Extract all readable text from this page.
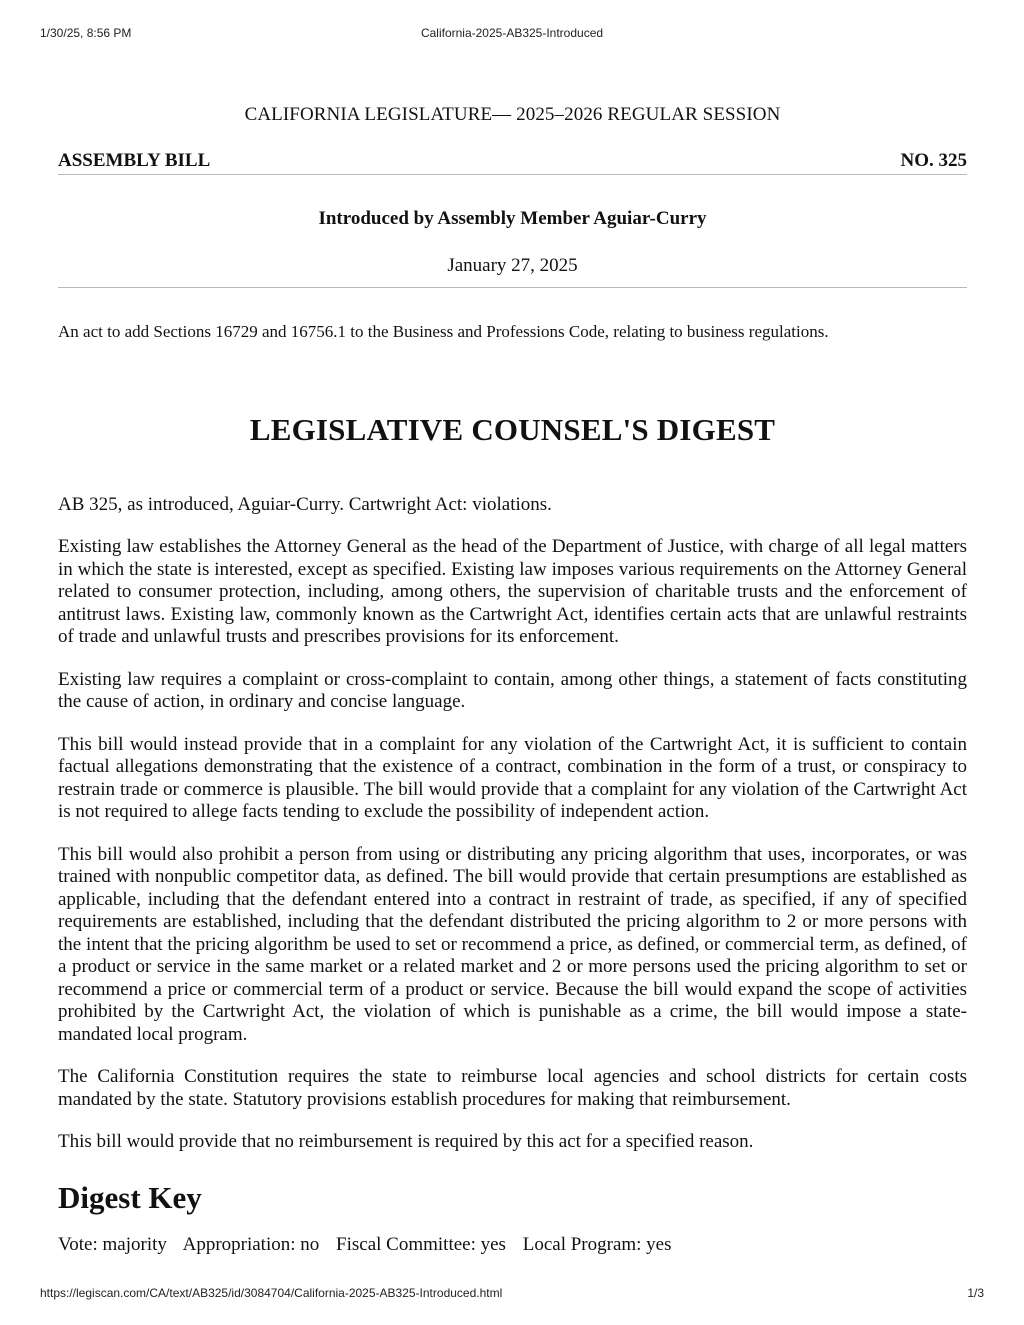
1/30/25, 8:56 PM	California-2025-AB325-Introduced
CALIFORNIA LEGISLATURE— 2025–2026 REGULAR SESSION
ASSEMBLY BILL	NO. 325
Introduced by Assembly Member Aguiar-Curry
January 27, 2025
An act to add Sections 16729 and 16756.1 to the Business and Professions Code, relating to business regulations.
LEGISLATIVE COUNSEL'S DIGEST
AB 325, as introduced, Aguiar-Curry. Cartwright Act: violations.

Existing law establishes the Attorney General as the head of the Department of Justice, with charge of all legal matters in which the state is interested, except as specified. Existing law imposes various requirements on the Attorney General related to consumer protection, including, among others, the supervision of charitable trusts and the enforcement of antitrust laws. Existing law, commonly known as the Cartwright Act, identifies certain acts that are unlawful restraints of trade and unlawful trusts and prescribes provisions for its enforcement.

Existing law requires a complaint or cross-complaint to contain, among other things, a statement of facts constituting the cause of action, in ordinary and concise language.

This bill would instead provide that in a complaint for any violation of the Cartwright Act, it is sufficient to contain factual allegations demonstrating that the existence of a contract, combination in the form of a trust, or conspiracy to restrain trade or commerce is plausible. The bill would provide that a complaint for any violation of the Cartwright Act is not required to allege facts tending to exclude the possibility of independent action.

This bill would also prohibit a person from using or distributing any pricing algorithm that uses, incorporates, or was trained with nonpublic competitor data, as defined. The bill would provide that certain presumptions are established as applicable, including that the defendant entered into a contract in restraint of trade, as specified, if any of specified requirements are established, including that the defendant distributed the pricing algorithm to 2 or more persons with the intent that the pricing algorithm be used to set or recommend a price, as defined, or commercial term, as defined, of a product or service in the same market or a related market and 2 or more persons used the pricing algorithm to set or recommend a price or commercial term of a product or service. Because the bill would expand the scope of activities prohibited by the Cartwright Act, the violation of which is punishable as a crime, the bill would impose a state-mandated local program.

The California Constitution requires the state to reimburse local agencies and school districts for certain costs mandated by the state. Statutory provisions establish procedures for making that reimbursement.

This bill would provide that no reimbursement is required by this act for a specified reason.

Digest Key
Vote: majority Appropriation: no Fiscal Committee: yes Local Program: yes
https://legiscan.com/CA/text/AB325/id/3084704/California-2025-AB325-Introduced.html	1/3
